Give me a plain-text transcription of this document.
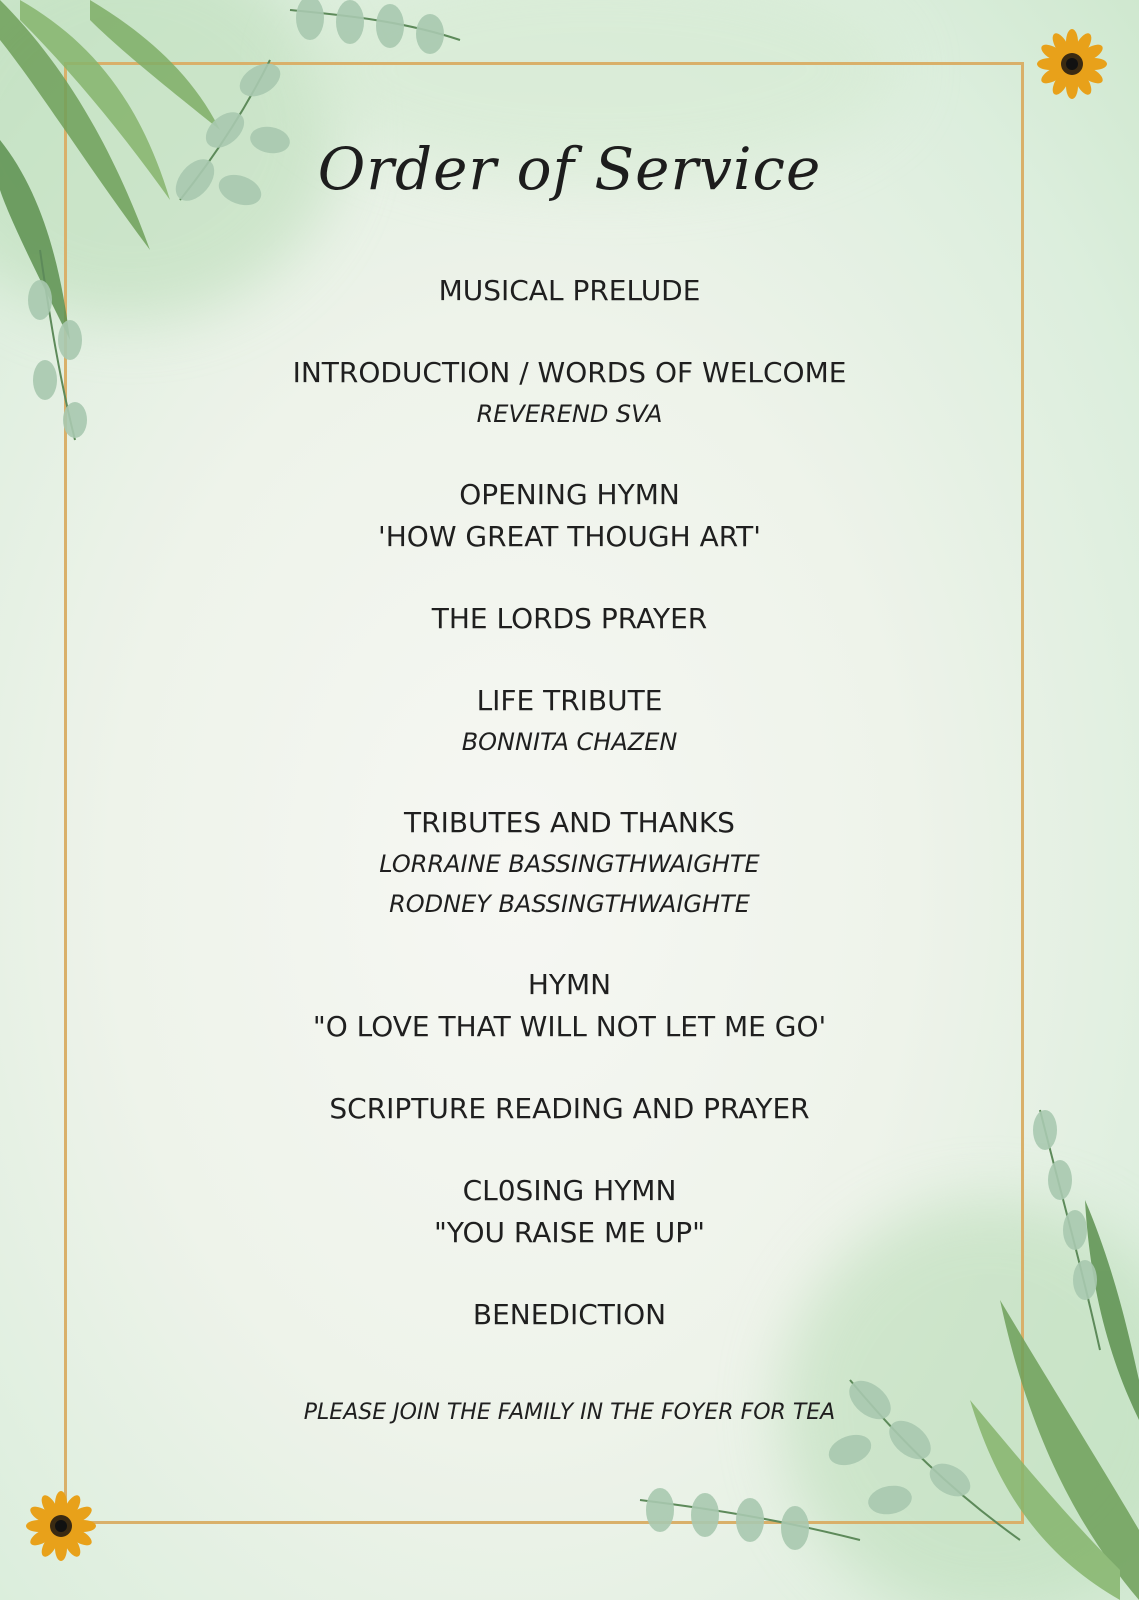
Order of Service
MUSICAL PRELUDE
INTRODUCTION / WORDS OF WELCOME
REVEREND SVA
OPENING HYMN
'HOW GREAT THOUGH ART'
THE LORDS PRAYER
LIFE TRIBUTE
BONNITA CHAZEN
TRIBUTES AND THANKS
LORRAINE BASSINGTHWAIGHTE
RODNEY BASSINGTHWAIGHTE
HYMN
"O LOVE THAT WILL NOT LET ME GO'
SCRIPTURE READING AND PRAYER
CL0SING HYMN
"YOU RAISE ME UP"
BENEDICTION
PLEASE JOIN THE FAMILY IN THE FOYER FOR TEA
